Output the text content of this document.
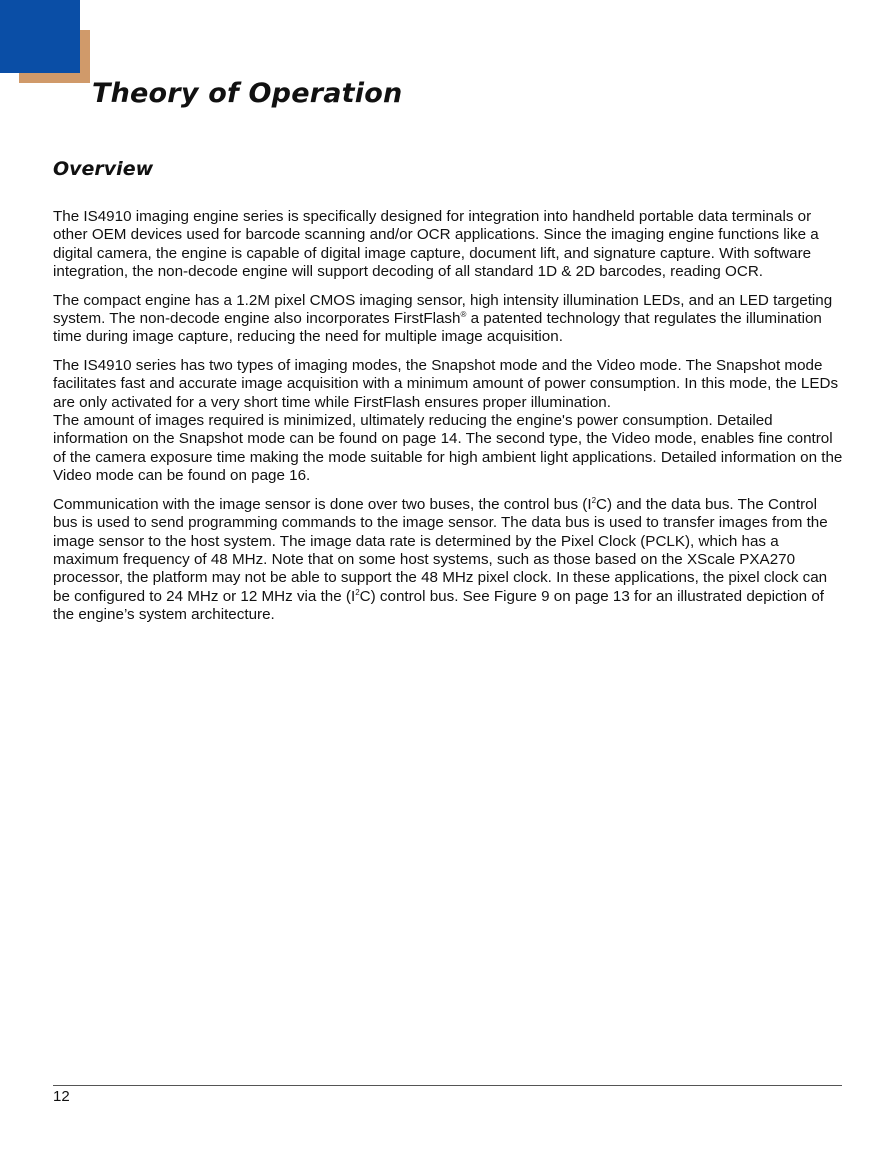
Theory of Operation
Overview

The IS4910 imaging engine series is specifically designed for integration into handheld portable data terminals or other OEM devices used for barcode scanning and/or OCR applications. Since the imaging engine functions like a digital camera, the engine is capable of digital image capture, document lift, and signature capture. With software integration, the non-decode engine will support decoding of all standard 1D & 2D barcodes, reading OCR.

The compact engine has a 1.2M pixel CMOS imaging sensor, high intensity illumination LEDs, and an LED targeting system. The non-decode engine also incorporates FirstFlash® a patented technology that regulates the illumination time during image capture, reducing the need for multiple image acquisition.

The IS4910 series has two types of imaging modes, the Snapshot mode and the Video mode. The Snapshot mode facilitates fast and accurate image acquisition with a minimum amount of power consumption. In this mode, the LEDs are only activated for a very short time while FirstFlash ensures proper illumination.
The amount of images required is minimized, ultimately reducing the engine's power consumption. Detailed information on the Snapshot mode can be found on page 14. The second type, the Video mode, enables fine control of the camera exposure time making the mode suitable for high ambient light applications. Detailed information on the Video mode can be found on page 16.

Communication with the image sensor is done over two buses, the control bus $(I^2C)$ and the data bus. The Control bus is used to send programming commands to the image sensor. The data bus is used to transfer images from the image sensor to the host system. The image data rate is determined by the Pixel Clock (PCLK), which has a maximum frequency of 48 MHz. Note that on some host systems, such as those based on the XScale PXA270 processor, the platform may not be able to support the 48 MHz pixel clock. In these applications, the pixel clock can be configured to 24 MHz or 12 MHz via the $(I^2C)$ control bus. See Figure 9 on page 13 for an illustrated depiction of the engine’s system architecture.

12
